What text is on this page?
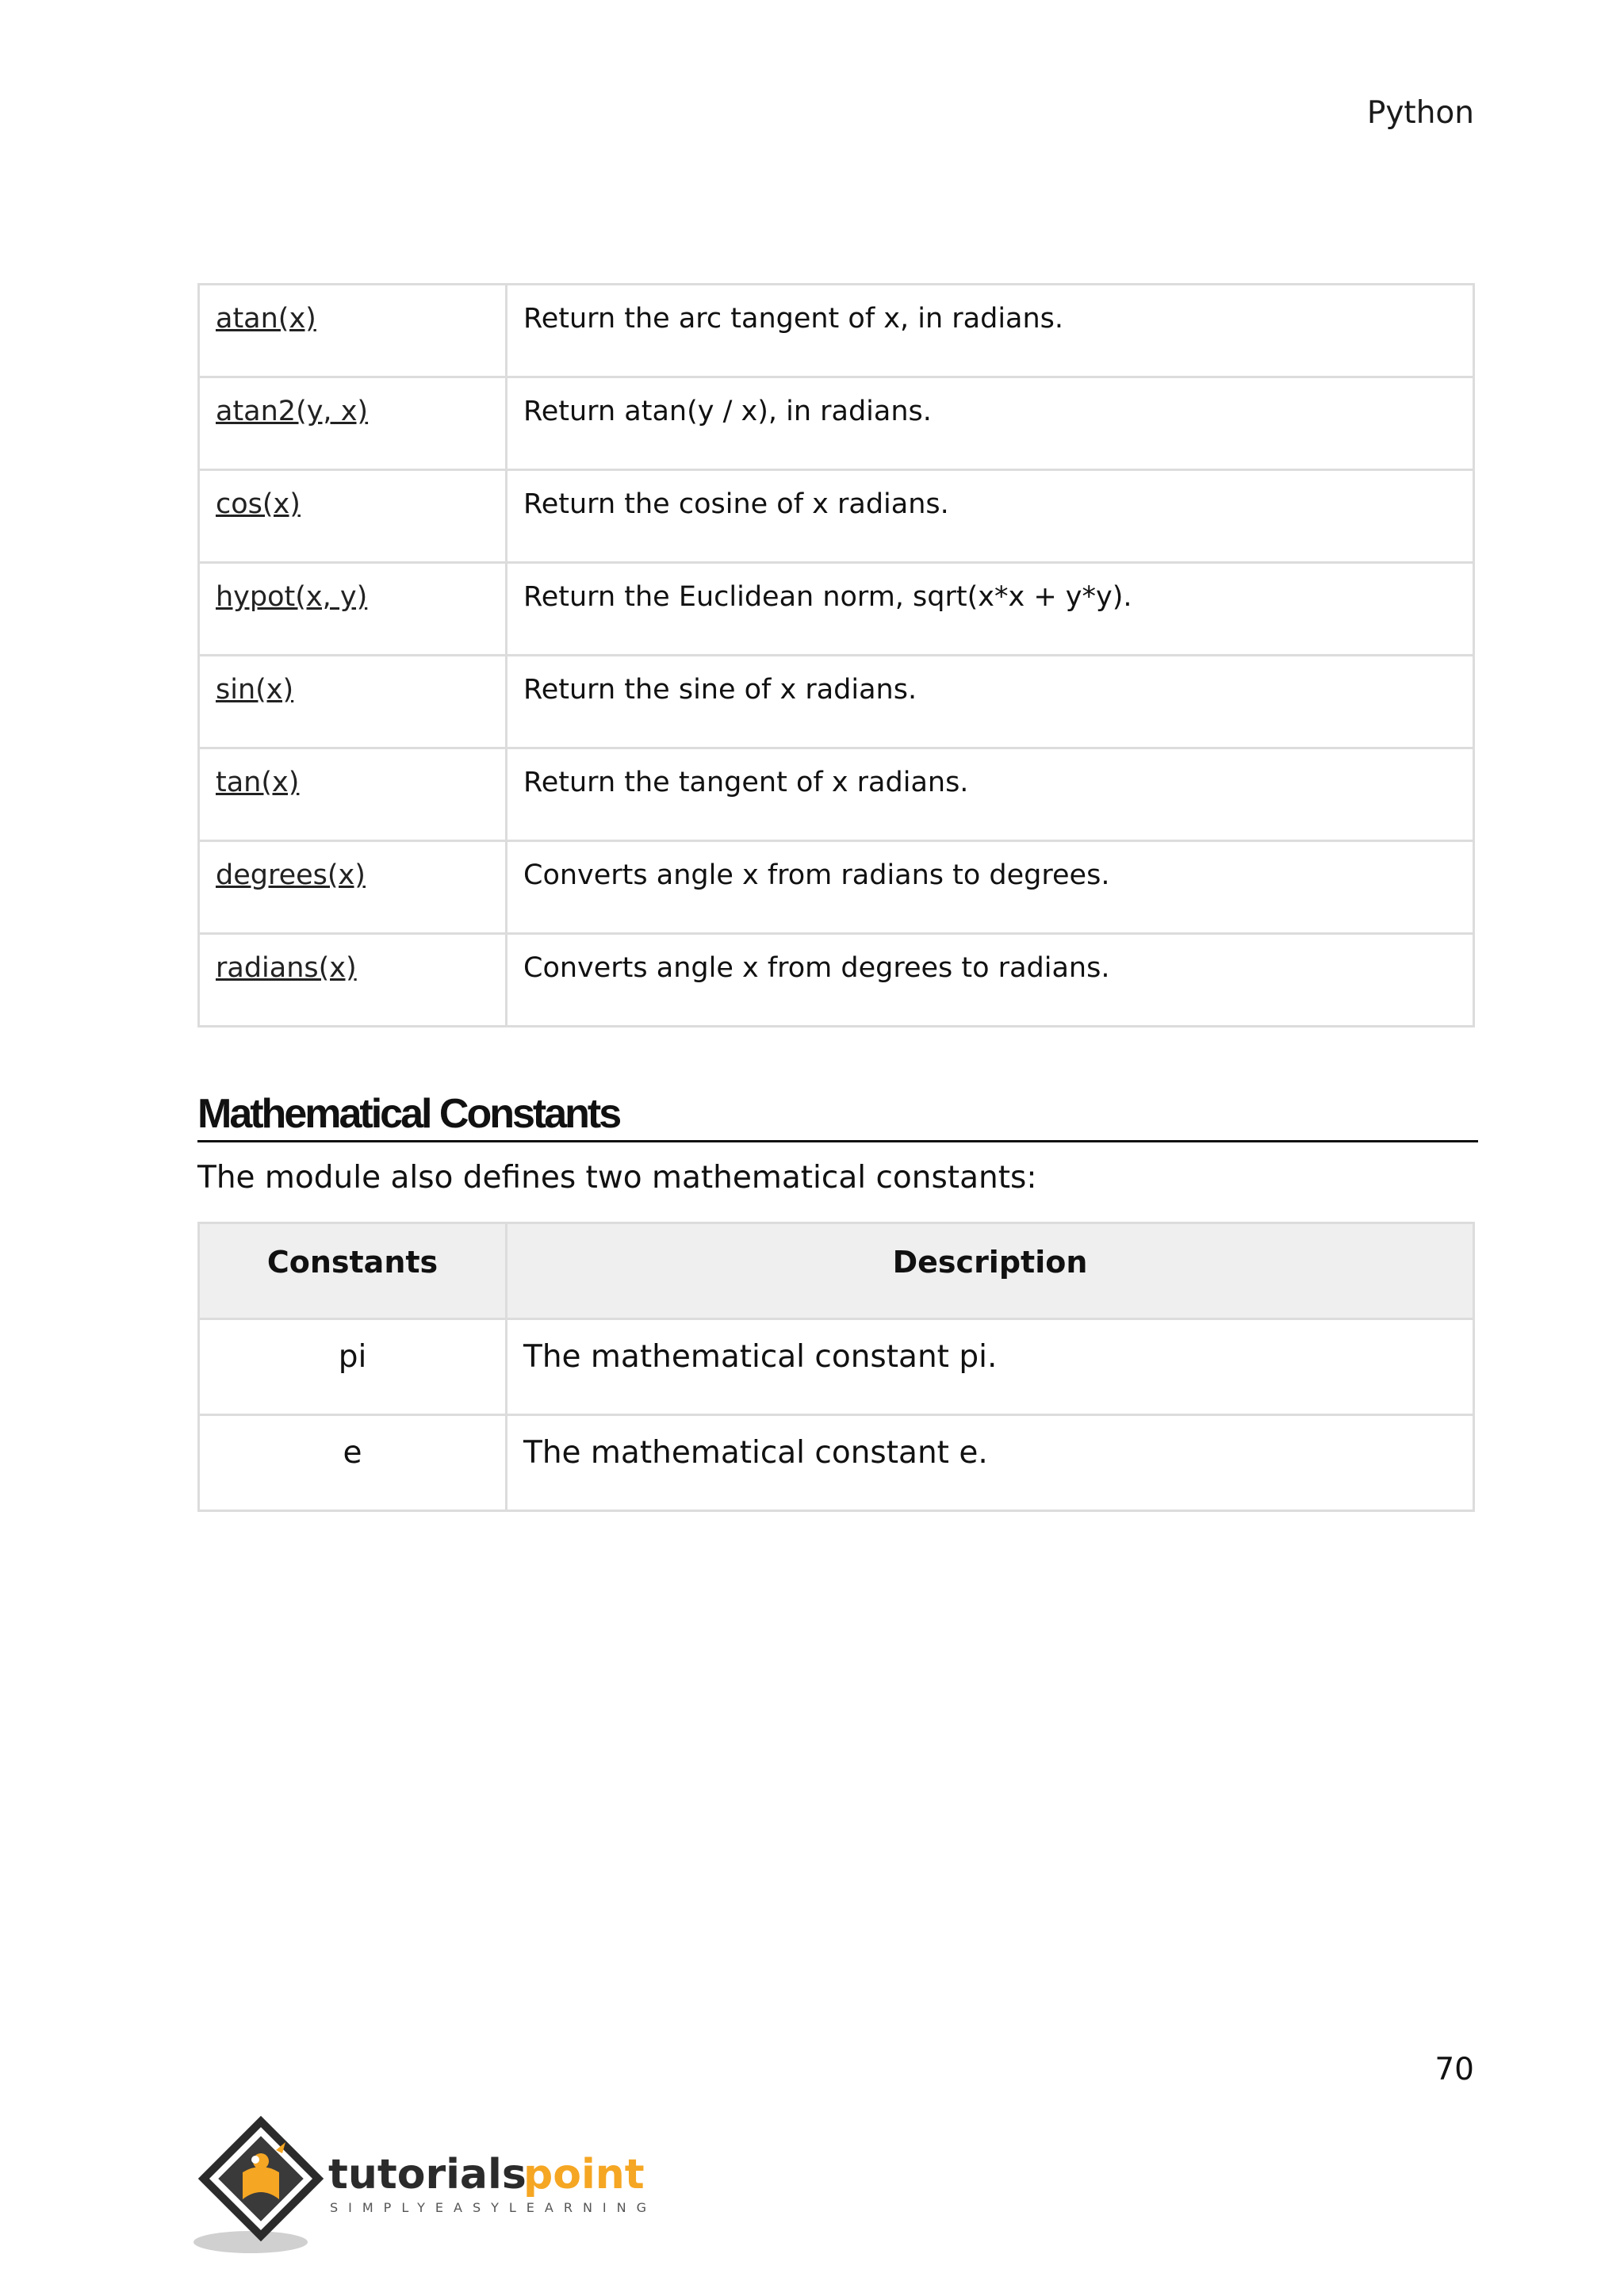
Python
atan(x)	Return the arc tangent of x, in radians.
atan2(y, x)	Return atan(y / x), in radians.
cos(x)	Return the cosine of x radians.
hypot(x, y)	Return the Euclidean norm, sqrt(x*x + y*y).
sin(x)	Return the sine of x radians.
tan(x)	Return the tangent of x radians.
degrees(x)	Converts angle x from radians to degrees.
radians(x)	Converts angle x from degrees to radians.
Mathematical Constants
The module also defines two mathematical constants:
Constants	Description
pi	The mathematical constant pi.
e	The mathematical constant e.
70
tutorials
point
SIMPLYEASYLEARNING
